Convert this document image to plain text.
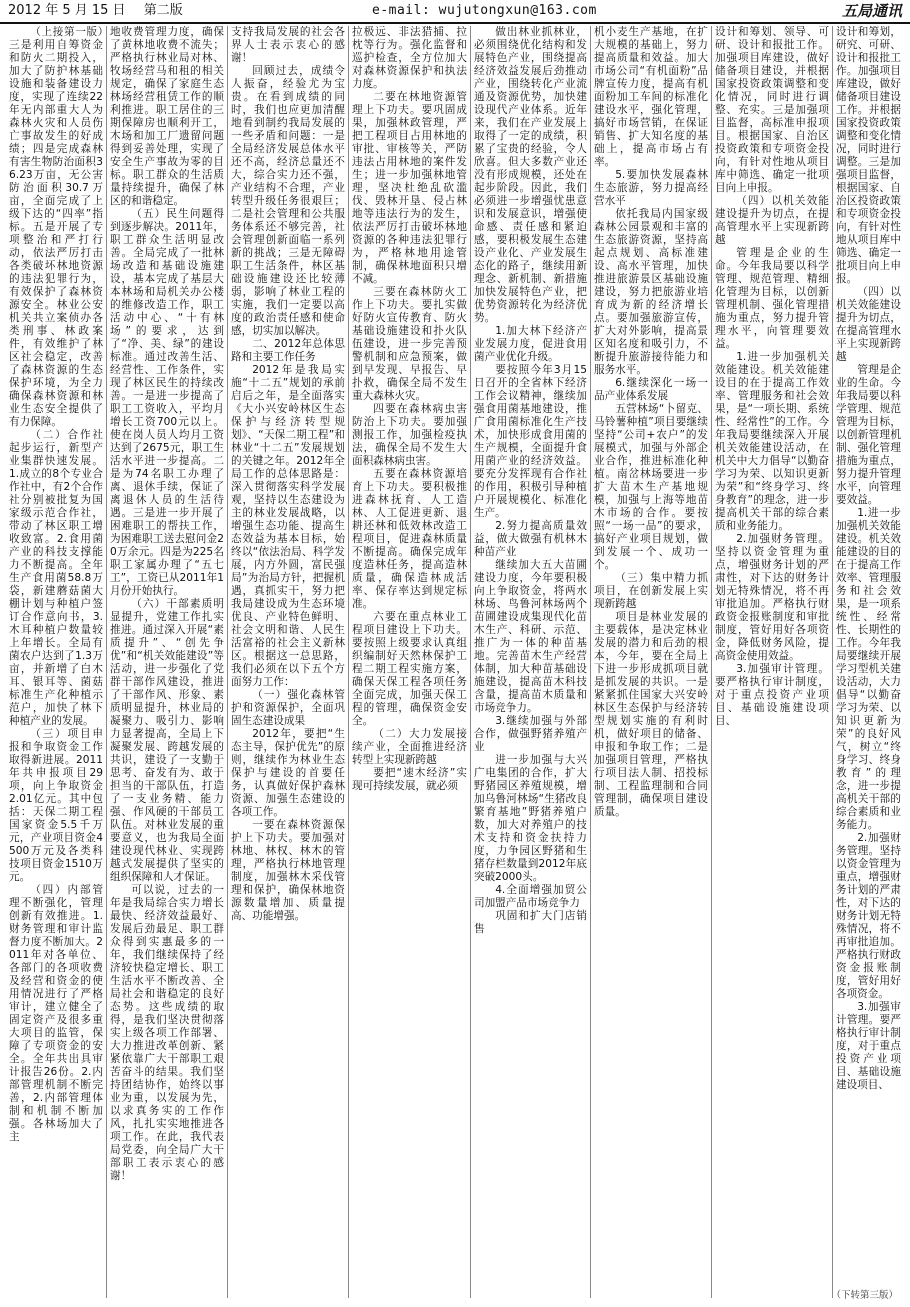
2012 年 5 月 15 日 第二版	e-mail: wujutongxun@163.com	五局通讯

（上接第一版）三是利用自筹资金和防火二期投入，加大了防护林基础设施和装备建设力度，实现了连续22年无内部重大人为森林火灾和人员伤亡事故发生的好成绩；四是完成森林有害生物防治面积36.23万亩，无公害防治面积30.7万亩，全面完成了上级下达的“四率”指标。五是开展了专项整治和严打行动，依法严厉打击各类破坏林地资源的违法犯罪行为，有效保护了森林资源安全。林业公安机关共立案侦办各类刑事、林政案件，有效维护了林区社会稳定，改善了森林资源的生态保护环境，为全力确保森林资源和林业生态安全提供了有力保障。

（二）合作社起步运行，新型产业集群快速发展。1.成立的8个专业合作社中，有2个合作社分别被批复为国家级示范合作社，带动了林区职工增收致富。2.食用菌产业的科技支撑能力不断提高。全年生产食用菌58.8万袋，新建蘑菇菌大棚计划与种植户签订合作意向书，3.木耳种植户数量较上年增长。全局有菌农户达到了1.3万亩，并新增了白木耳、银耳等、菌菇标准生产化种植示范户，加快了林下种植产业的发展。

（三）项目申报和争取资金工作取得新进展。2011年共申报项目29项，向上争取资金2.01亿元。其中包括：天保二期工程国家资金5.5千万元，产业项目资金4500万元及各类科技项目资金1510万元。

（四）内部管理不断强化，管理创新有效推进。1.财务管理和审计监督力度不断加大。2011年对各单位、各部门的各项收费及经营和资金的使用情况进行了严格审计，建立健全了固定资产及很多重大项目的监管，保障了专项资金的安全。全年共出具审计报告26份。2.内部管理机制不断完善，2.内部管理体制和机制不断加强。各林场加大了主

地收费管理力度，确保了黄林地收费不流失；严格执行林业局对林、牧场经营马和租的相关规定，确保了家庭生态林场经营租赁工作的顺利推进。职工居住的三期保障房也顺利开工，木场和加工厂遗留问题得到妥善处理，实现了安全生产事故为零的目标。职工群众的生活质量持续提升，确保了林区的和谐稳定。

（五）民生问题得到逐步解决。2011年，职工群众生活明显改善。全局完成了一批林场改造和基础设施建设，基本完成了基层大本林场和局机关办公楼的维修改造工作，职工活动中心、“十有林场”的要求，达到了“净、美、绿”的建设标准。通过改善生活、经营性、工作条件，实现了林区民生的持续改善。一是进一步提高了职工工资收入，平均月增长工资700元以上。使在岗人员人均月工资达到了2675元，职工生活水平进一步提高。二是为74名职工办理了离、退休手续，保证了离退休人员的生活待遇。三是进一步开展了困难职工的帮扶工作，为困难职工送去慰问金20万余元。四是为225名职工家属办理了“五七工”，工资已从2011年1月份开始执行。

（六）干部素质明显提升，党建工作扎实推进。通过深入开展“素质提升”、“创先争优”和“机关效能建设”等活动，进一步强化了党群干部作风建设，推进了干部作风、形象、素质明显提升，林业局的凝聚力、吸引力、影响力显著提高，全局上下凝聚发展、跨越发展的共识，建设了一支勤于思考、奋发有为、敢于担当的干部队伍，打造了一支业务精、能力强、作风硬的干部员工队伍。对林业发展的重要意义，也为我局全面建设现代林业、实现跨越式发展提供了坚实的组织保障和人才保证。

可以说，过去的一年是我局综合实力增长最快、经济效益最好、发展后劲最足、职工群众得到实惠最多的一年，我们继续保持了经济较快稳定增长、职工生活水平不断改善、全局社会和谐稳定的良好态势。这些成绩的取得，是我们坚决贯彻落实上级各项工作部署、大力推进改革创新、紧紧依靠广大干部职工艰苦奋斗的结果。我们坚持团结协作，始终以事业为重，以发展为先，以求真务实的工作作风，扎扎实实地推进各项工作。在此，我代表局党委，向全局广大干部职工表示衷心的感谢！

支持我局发展的社会各界人士表示衷心的感谢！

回顾过去，成绩令人振奋，经验尤为宝贵。在看到成绩的同时，我们也应更加清醒地看到制约我局发展的一些矛盾和问题：一是全局经济发展总体水平还不高，经济总量还不大，综合实力还不强，产业结构不合理，产业转型升级任务很艰巨；二是社会管理和公共服务体系还不够完善，社会管理创新面临一系列新的挑战；三是无障碍职工生活条件，林区基础设施建设还比较薄弱，影响了林业工程的实施，我们一定要以高度的政治责任感和使命感，切实加以解决。

二、2012年总体思路和主要工作任务

2012年是我局实施“十二五”规划的承前启后之年，是全面落实《大小兴安岭林区生态保护与经济转型规划》、“天保二期工程”和林业“十二五”发展规划的关键之年。2012年全局工作的总体思路是：深入贯彻落实科学发展观，坚持以生态建设为主的林业发展战略，以增强生态功能、提高生态效益为基本目标，始终以“依法治局、科学发展，内方外圆，富民强局”为治局方针，把握机遇，真抓实干，努力把我局建设成为生态环境优良、产业特色鲜明、社会文明和谐、人民生活富裕的社会主义新林区。根据这一总思路，我们必须在以下五个方面努力工作：

（一）强化森林管护和资源保护，全面巩固生态建设成果

2012年，要把“生态主导，保护优先”的原则，继续作为林业生态保护与建设的首要任务，认真做好保护森林资源、加强生态建设的各项工作。

一要在森林资源保护上下功夫。要加强对林地、林权、林木的管理，严格执行林地管理制度，加强林木采伐管理和保护，确保林地资源数量增加、质量提高、功能增强。

拉极远、非法猎捕、拉枕等行为。强化监督和巡护检查，全方位加大对森林资源保护和执法力度。

二要在林地资源管理上下功夫。要巩固成果，加强林政管理，严把工程项目占用林地的审批、审核等关，严防违法占用林地的案件发生；进一步加强林地管理，坚决杜绝乱砍滥伐、毁林开垦、侵占林地等违法行为的发生，依法严厉打击破坏林地资源的各种违法犯罪行为，严格林地用途管制，确保林地面积只增不减。

三要在森林防火工作上下功夫。要扎实做好防火宣传教育、防火基础设施建设和扑火队伍建设，进一步完善预警机制和应急预案，做到早发现、早报告、早扑救，确保全局不发生重大森林火灾。

四要在森林病虫害防治上下功夫。要加强测报工作，加强检疫执法，确保全局不发生大面积森林病虫害。

五要在森林资源培育上下功夫。要积极推进森林抚育、人工造林、人工促进更新、退耕还林和低效林改造工程项目，促进森林质量不断提高。确保完成年度造林任务，提高造林质量，确保造林成活率、保存率达到规定标准。

六要在重点林业工程项目建设上下功夫。要按照上级要求认真组织编制好天然林保护工程二期工程实施方案，确保天保工程各项任务全面完成，加强天保工程的管理，确保资金安全。

（二）大力发展接续产业，全面推进经济转型上实现新跨越

要把“速木经济”实现可持续发展，就必须

做出林业抓林业，必须围绕优化结构和发展特色产业，围绕提高经济效益发展后劲推动产业，围绕转化产业流通及资源优势，加快建设现代产业体系。近年来，我们在产业发展上取得了一定的成绩，积累了宝贵的经验，令人欣喜。但大多数产业还没有形成规模，还处在起步阶段。因此，我们必须进一步增强忧患意识和发展意识，增强使命感、责任感和紧迫感，要积极发展生态建设产业化、产业发展生态化的路子，继续用新理念、新机制、新措施加快发展特色产业，把优势资源转化为经济优势。

1.加大林下经济产业发展力度，促进食用菌产业优化升级。

要按照今年3月15日召开的全省林下经济工作会议精神，继续加强食用菌基地建设，推广食用菌标准化生产技术，加快形成食用菌的生产规模，全面提升食用菌产业的经济效益。要充分发挥现有合作社的作用，积极引导种植户开展规模化、标准化生产。

2.努力提高质量效益，做大做强有机林木种苗产业

继续加大五大苗圃建设力度，今年要积极向上争取资金，将两水林场、鸟鲁河林场两个苗圃建设成集现代化苗木生产、科研、示范、推广为一体的种苗基地。完善苗木生产经营体制，加大种苗基础设施建设，提高苗木科技含量，提高苗木质量和市场竞争力。

3.继续加强与外部合作，做强野猪养殖产业

进一步加强与大兴广电集团的合作，扩大野猪园区养殖规模，增加乌鲁河林场“生猪改良繁育基地”野猪养殖户数，加大对养殖户的技术支持和资金扶持力度，力争园区野猪和生猪存栏数量到2012年底突破2000头。

4.全面增强加贸公司加盟产品市场竞争力

巩固和扩大门店销售

机小麦生产基地，在扩大规模的基础上，努力提高质量和效益。加大市场公司“有机面粉”品牌宣传力度，提高有机面粉加工车间的标准化建设水平，强化管理，搞好市场营销，在保证销售、扩大知名度的基础上，提高市场占有率。

5.要加快发展森林生态旅游，努力提高经营水平

依托我局内国家级森林公园景观和丰富的生态旅游资源，坚持高起点规划、高标准建设、高水平管理，加快推进旅游景区基础设施建设，努力把旅游业培育成为新的经济增长点。要加强旅游宣传，扩大对外影响，提高景区知名度和吸引力，不断提升旅游接待能力和服务水平。

6.继续深化一场一品产业体系发展

五营林场“卜留克、马铃薯种植”项目要继续坚持“公司+农户”的发展模式，加强与外部企业合作，推进标准化种植。南岔林场要进一步扩大苗木生产基地规模，加强与上海等地苗木市场的合作。要按照“一场一品”的要求，搞好产业项目规划，做到发展一个、成功一个。

（三）集中精力抓项目，在创新发展上实现新跨越

项目是林业发展的主要载体，是决定林业发展的潜力和后劲的根本，今年，要在全局上下进一步形成抓项目就是抓发展的共识。一是紧紧抓住国家大兴安岭林区生态保护与经济转型规划实施的有利时机，做好项目的储备、申报和争取工作；二是加强项目管理，严格执行项目法人制、招投标制、工程监理制和合同管理制，确保项目建设质量。

设计和筹划、领导、可研、设计和报批工作。加强项目库建设，做好储备项目建设，并根据国家投资政策调整和变化情况，同时进行调整、充实。三是加强项目监督，高标准申报项目。根据国家、自治区投资政策和专项资金投向，有针对性地从项目库中筛选、确定一批项目向上申报。

（四）以机关效能建设提升为切点，在提高管理水平上实现新跨越

管理是企业的生命。今年我局要以科学管理、规范管理、精细化管理为目标，以创新管理机制、强化管理措施为重点，努力提升管理水平，向管理要效益。

1.进一步加强机关效能建设。机关效能建设目的在于提高工作效率、管理服务和社会效果，是“一项长期、系统性、经常性”的工作。今年我局要继续深入开展机关效能建设活动，在机关中大力倡导“以勤奋学习为荣、以知识更新为荣”和“终身学习、终身教育”的理念，进一步提高机关干部的综合素质和业务能力。

2.加强财务管理。坚持以资金管理为重点，增强财务计划的严肃性，对下达的财务计划无特殊情况，将不再审批追加。严格执行财政资金报账制度和审批制度，管好用好各项资金，降低财务风险，提高资金使用效益。

3.加强审计管理。要严格执行审计制度，对于重点投资产业项目、基础设施建设项目、

设计和筹划，研究、可研、设计和报批工作。加强项目库建设，做好储备项目建设工作。并根据国家投资政策调整和变化情况，同时进行调整。三是加强项目监督，根据国家、自治区投资政策和专项资金投向，有针对性地从项目库中筛选、确定一批项目向上申报。

（四）以机关效能建设提升为切点，在提高管理水平上实现新跨越

管理是企业的生命。今年我局要以科学管理、规范管理为目标，以创新管理机制、强化管理措施为重点，努力提升管理水平，向管理要效益。

1.进一步加强机关效能建设。机关效能建设的目的在于提高工作效率、管理服务和社会效果，是一项系统性、经常性、长期性的工作。今年我局要继续开展学习型机关建设活动，大力倡导“以勤奋学习为荣、以知识更新为荣”的良好风气，树立“终身学习、终身教育”的理念，进一步提高机关干部的综合素质和业务能力。

2.加强财务管理。坚持以资金管理为重点，增强财务计划的严肃性，对下达的财务计划无特殊情况，将不再审批追加。严格执行财政资金报账制度，管好用好各项资金。

3.加强审计管理。要严格执行审计制度，对于重点投资产业项目、基础设施建设项目、

（下转第三版）
